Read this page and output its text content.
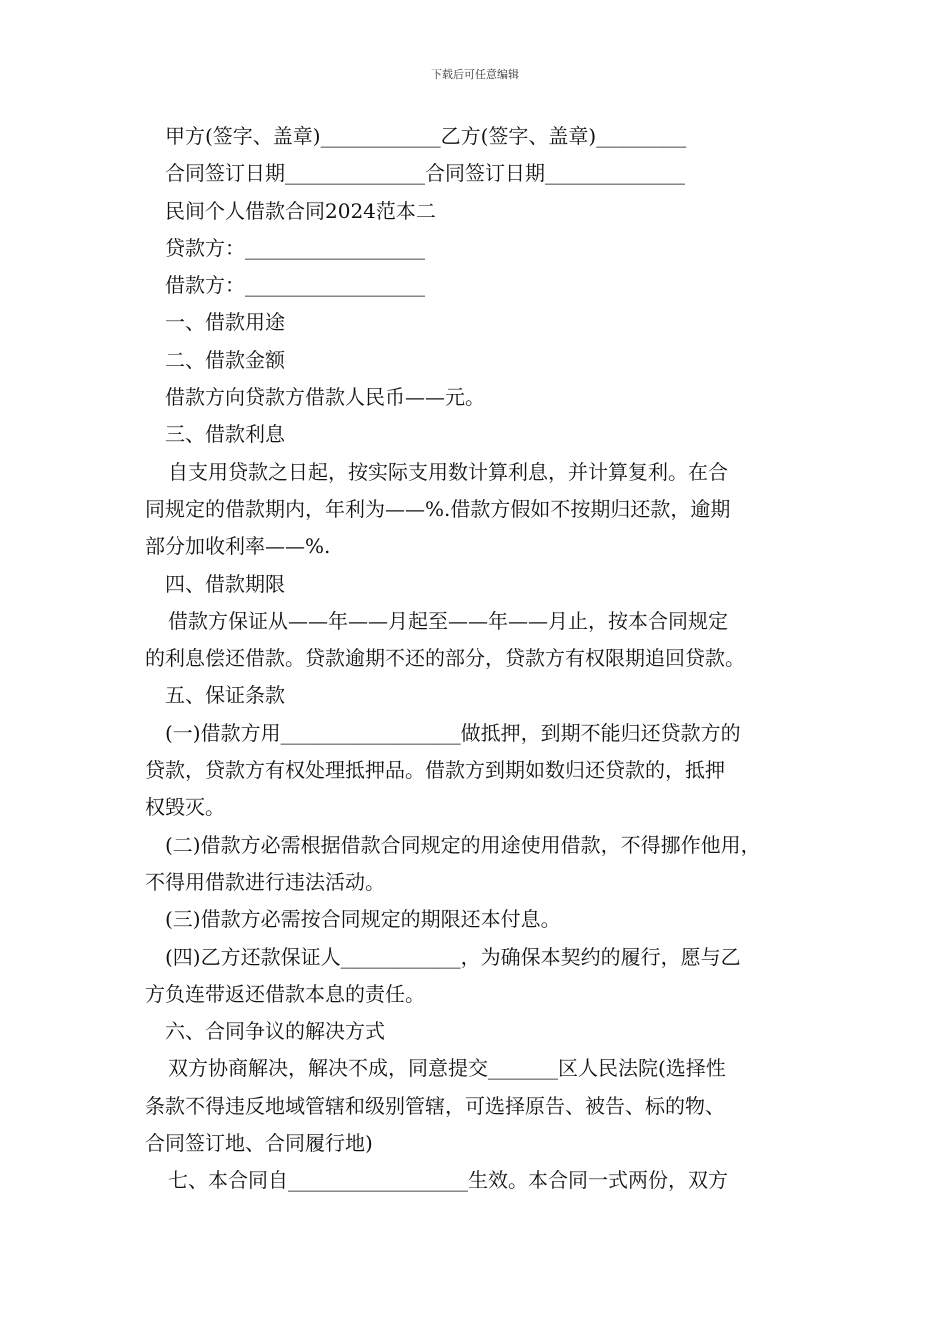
下载后可任意编辑
甲方(签字、盖章)____________乙方(签字、盖章)_________
合同签订日期______________合同签订日期______________
民间个人借款合同2024范本二
贷款方：__________________
借款方：__________________
一、借款用途
二、借款金额
借款方向贷款方借款人民币——元。
三、借款利息
自支用贷款之日起，按实际支用数计算利息，并计算复利。在合
同规定的借款期内，年利为——%.借款方假如不按期归还款，逾期
部分加收利率——%.
四、借款期限
借款方保证从——年——月起至——年——月止，按本合同规定
的利息偿还借款。贷款逾期不还的部分，贷款方有权限期追回贷款。
五、保证条款
(一)借款方用__________________做抵押，到期不能归还贷款方的
贷款，贷款方有权处理抵押品。借款方到期如数归还贷款的，抵押
权毁灭。
(二)借款方必需根据借款合同规定的用途使用借款，不得挪作他用，
不得用借款进行违法活动。
(三)借款方必需按合同规定的期限还本付息。
(四)乙方还款保证人____________，为确保本契约的履行，愿与乙
方负连带返还借款本息的责任。
六、合同争议的解决方式
双方协商解决，解决不成，同意提交_______区人民法院(选择性
条款不得违反地域管辖和级别管辖，可选择原告、被告、标的物、
合同签订地、合同履行地)
七、本合同自__________________生效。本合同一式两份，双方
